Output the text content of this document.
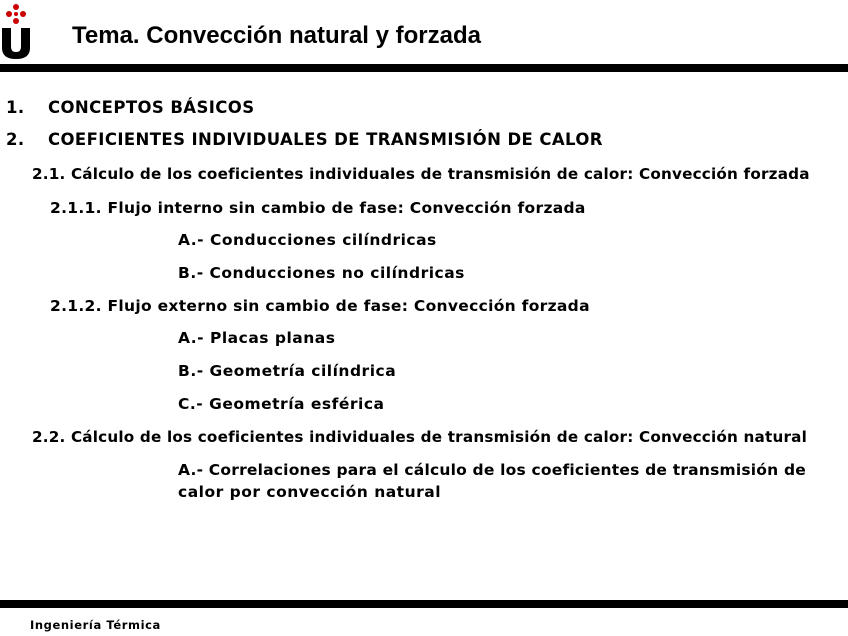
Tema. Convección natural y forzada
1. CONCEPTOS BÁSICOS
2. COEFICIENTES INDIVIDUALES DE TRANSMISIÓN DE CALOR
2.1. Cálculo de los coeficientes individuales de transmisión de calor: Convección forzada
2.1.1. Flujo interno sin cambio de fase: Convección forzada
A.- Conducciones cilíndricas
B.- Conducciones no cilíndricas
2.1.2. Flujo externo sin cambio de fase: Convección forzada
A.- Placas planas
B.- Geometría cilíndrica
C.- Geometría esférica
2.2. Cálculo de los coeficientes individuales de transmisión de calor: Convección natural
A.- Correlaciones para el cálculo de los coeficientes de transmisión de
calor por convección natural
Ingeniería Térmica
